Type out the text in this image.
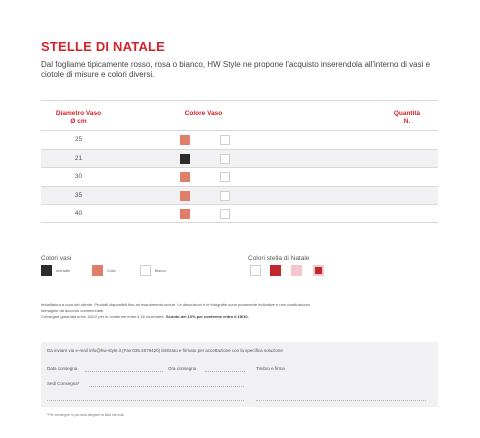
STELLE DI NATALE
Dal fogliame tipicamente rosso, rosa o bianco, HW Style ne propone l'acquisto inserendola all'interno di vasi e ciotole di misure e colori diversi.
Diametro Vaso
Ø cm
Colore Vaso	Quantità
N.
25
21
30
35
40
Colori vasi
Antracite	Cotto	Bianco
Colori stella di Natale
Imballatura a cura del cliente. Prodotti disponibili fino ad esaurimento scorte. Le descrizioni e le fotografie sono puramente indicative e non costituiscono
immagine da accordo commerciale.
Consegna garantita entro 18/12 per le conferme entro il 16 novembre. Sconto del 10% per conferme entro il 18/10.
Da inviare via e-mail info@hw-style.it (Fax 035.4679420) timbrato e firmato per accettazione con la specifica soluzione
Data consegna	Ora consegna	Timbro e firma
Sedi Consegna*
*Per consegne in più sedi allegare la lista via mail
